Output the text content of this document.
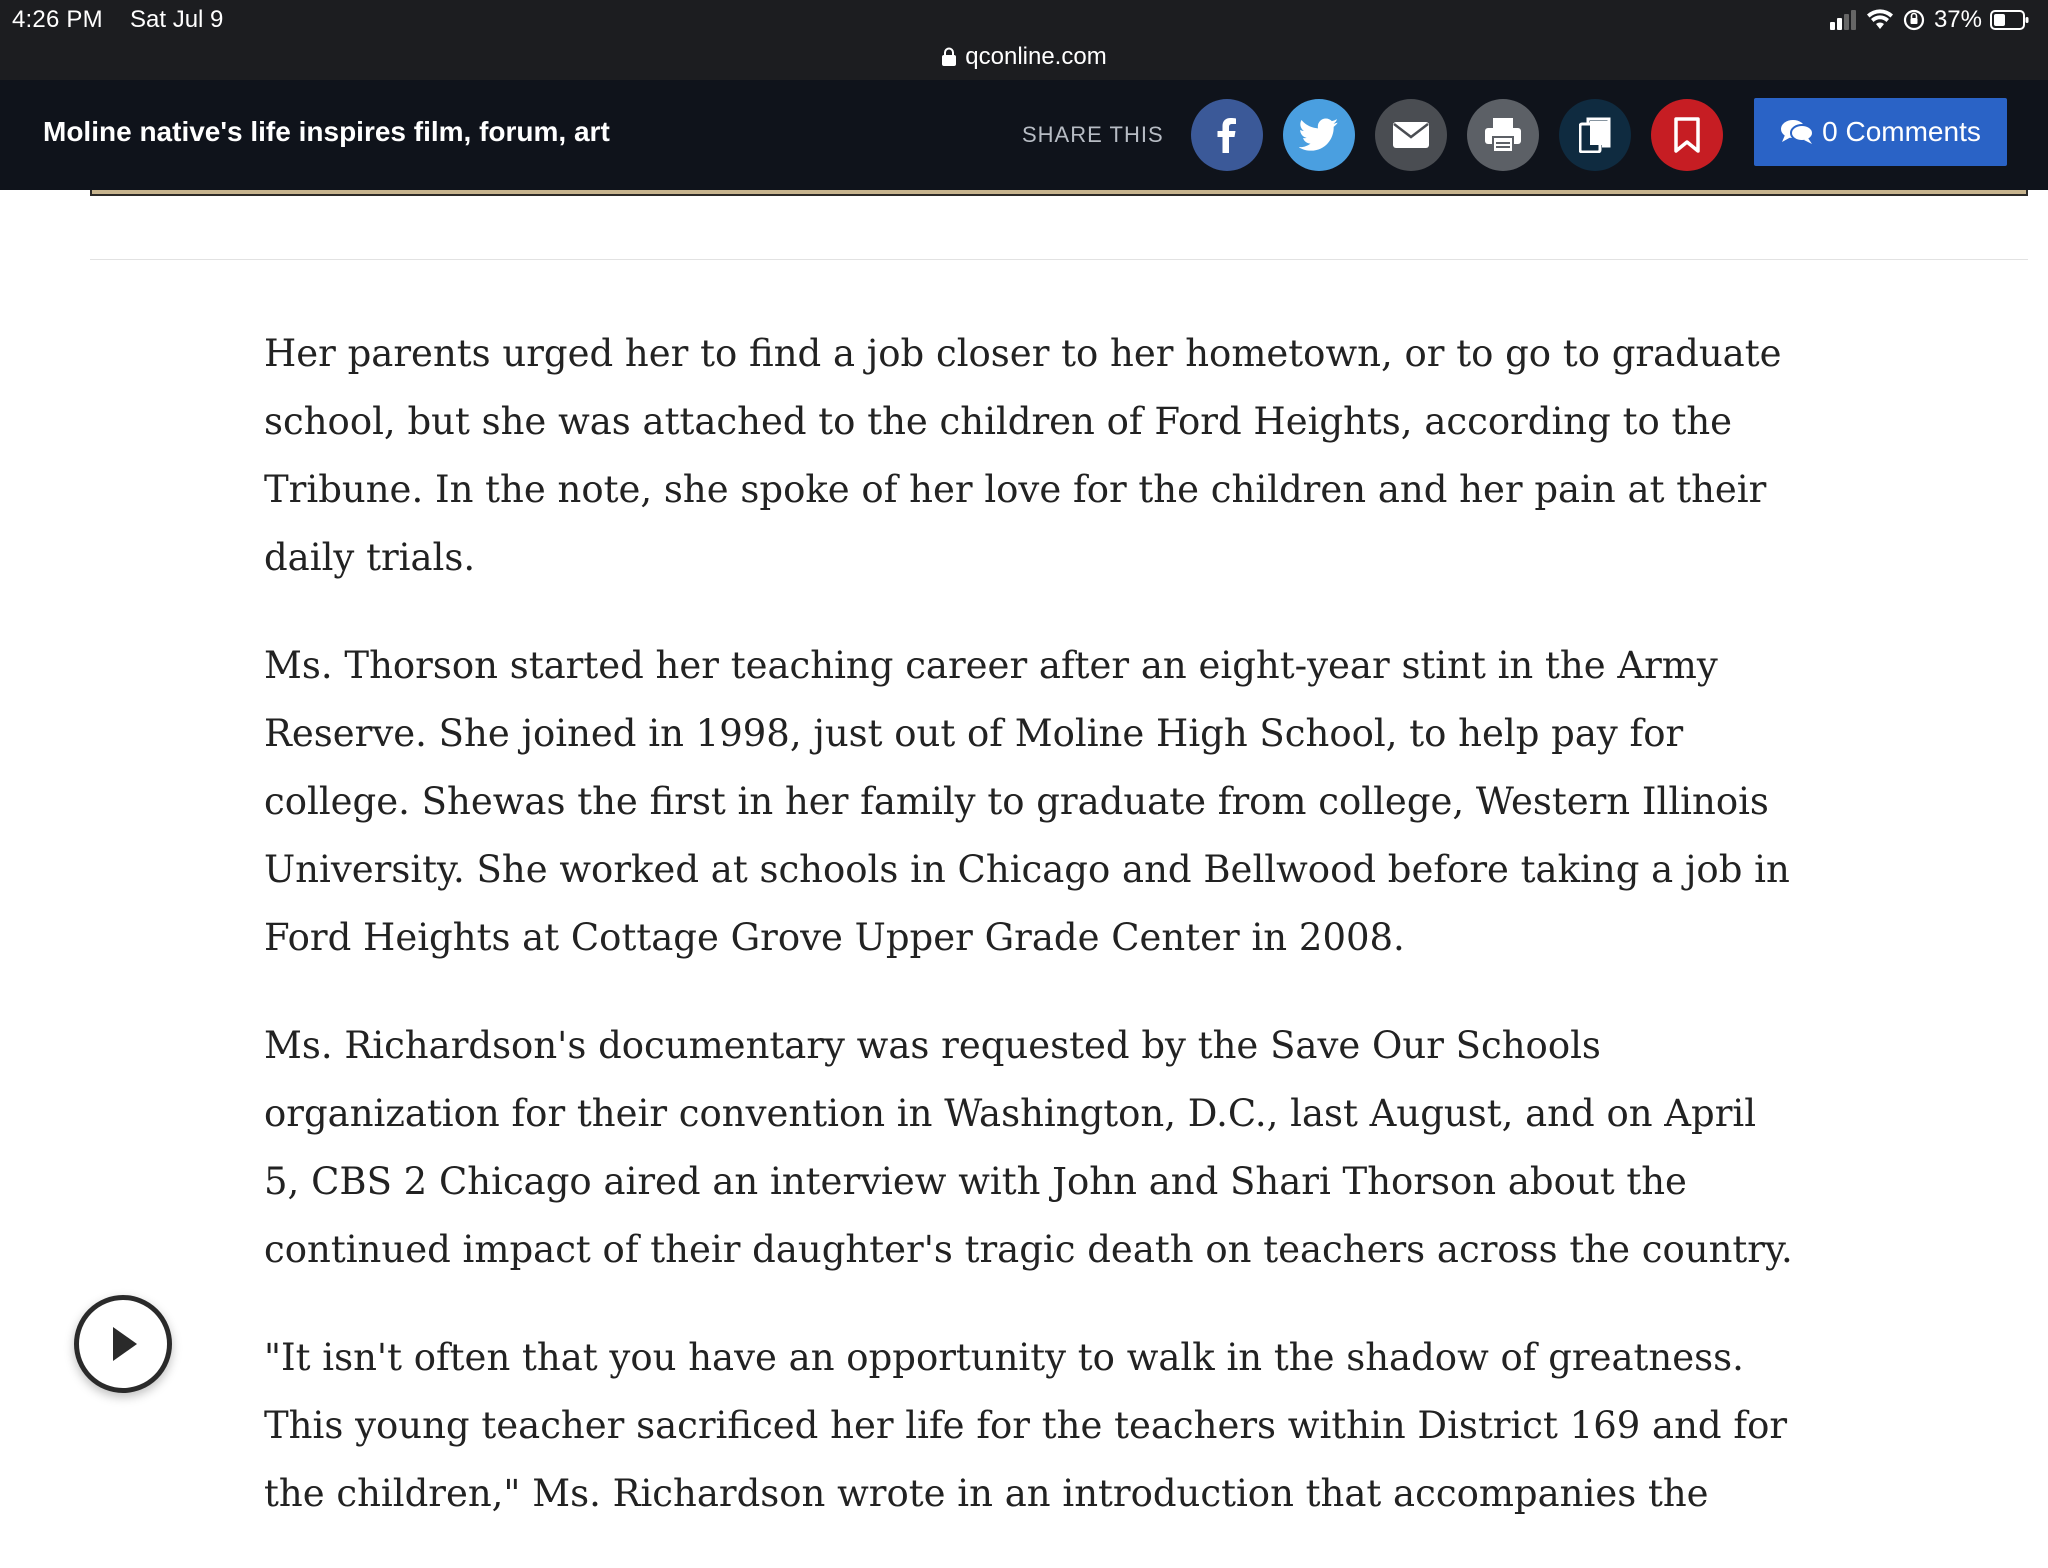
4:26 PM Sat Jul 9	37%
qconline.com
Moline native's life inspires film, forum, art	SHARE THIS	0 Comments

Her parents urged her to find a job closer to her hometown, or to go to graduate school, but she was attached to the children of Ford Heights, according to the Tribune. In the note, she spoke of her love for the children and her pain at their daily trials.

Ms. Thorson started her teaching career after an eight-year stint in the Army Reserve. She joined in 1998, just out of Moline High School, to help pay for college. Shewas the first in her family to graduate from college, Western Illinois University. She worked at schools in Chicago and Bellwood before taking a job in Ford Heights at Cottage Grove Upper Grade Center in 2008.

Ms. Richardson's documentary was requested by the Save Our Schools organization for their convention in Washington, D.C., last August, and on April 5, CBS 2 Chicago aired an interview with John and Shari Thorson about the continued impact of their daughter's tragic death on teachers across the country.

"It isn't often that you have an opportunity to walk in the shadow of greatness. This young teacher sacrificed her life for the teachers within District 169 and for the children," Ms. Richardson wrote in an introduction that accompanies the
